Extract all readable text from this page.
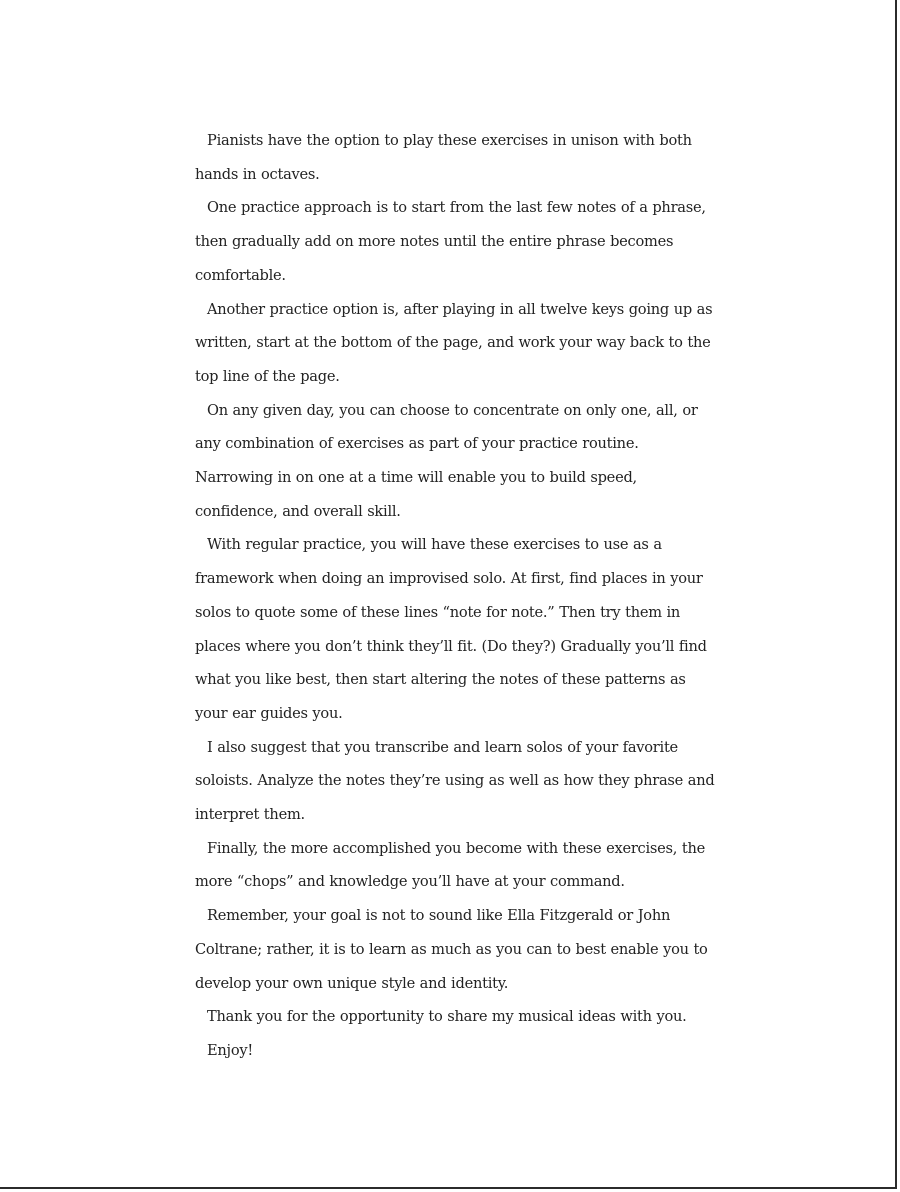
Pianists have the option to play these exercises in unison with both hands in octaves.

One practice approach is to start from the last few notes of a phrase, then gradually add on more notes until the entire phrase becomes comfortable.

Another practice option is, after playing in all twelve keys going up as written, start at the bottom of the page, and work your way back to the top line of the page.

On any given day, you can choose to concentrate on only one, all, or any combination of exercises as part of your practice routine. Narrowing in on one at a time will enable you to build speed, confidence, and overall skill.

With regular practice, you will have these exercises to use as a framework when doing an improvised solo. At first, find places in your solos to quote some of these lines “note for note.” Then try them in places where you don’t think they’ll fit. (Do they?) Gradually you’ll find what you like best, then start altering the notes of these patterns as your ear guides you.

I also suggest that you transcribe and learn solos of your favorite soloists. Analyze the notes they’re using as well as how they phrase and interpret them.

Finally, the more accomplished you become with these exercises, the more “chops” and knowledge you’ll have at your command.

Remember, your goal is not to sound like Ella Fitzgerald or John Coltrane; rather, it is to learn as much as you can to best enable you to develop your own unique style and identity.

Thank you for the opportunity to share my musical ideas with you.

Enjoy!
